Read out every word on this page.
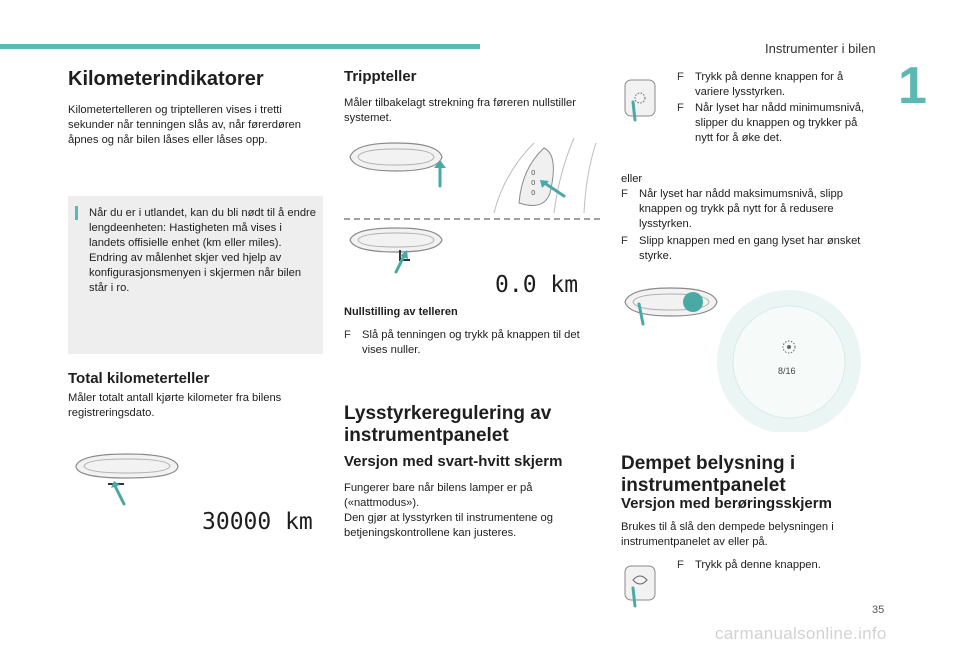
Instrumenter i bilen
1
Kilometerindikatorer
Kilometertelleren og triptelleren vises i tretti sekunder når tenningen slås av, når førerdøren åpnes og når bilen låses eller låses opp.
Når du er i utlandet, kan du bli nødt til å endre lengdeenheten: Hastigheten må vises i landets offisielle enhet (km eller miles).
Endring av målenhet skjer ved hjelp av konfigurasjonsmenyen i skjermen når bilen står i ro.
Total kilometerteller
Måler totalt antall kjørte kilometer fra bilens registreringsdato.
30000 km
Trippteller
Måler tilbakelagt strekning fra føreren nullstiller systemet.
0
0
0
0.0 km
Nullstilling av telleren
F Slå på tenningen og trykk på knappen til det vises nuller.
Lysstyrkeregulering av instrumentpanelet
Versjon med svart-hvitt skjerm
Fungerer bare når bilens lamper er på («nattmodus»).
Den gjør at lysstyrken til instrumentene og betjeningskontrollene kan justeres.
F Trykk på denne knappen for å variere lysstyrken.
F Når lyset har nådd minimumsnivå, slipper du knappen og trykker på nytt for å øke det.
eller
F Når lyset har nådd maksimumsnivå, slipp knappen og trykk på nytt for å redusere lysstyrken.
F Slipp knappen med en gang lyset har ønsket styrke.
8/16
Dempet belysning i instrumentpanelet
Versjon med berøringsskjerm
Brukes til å slå den dempede belysningen i instrumentpanelet av eller på.
F Trykk på denne knappen.
35
carmanualsonline.info
